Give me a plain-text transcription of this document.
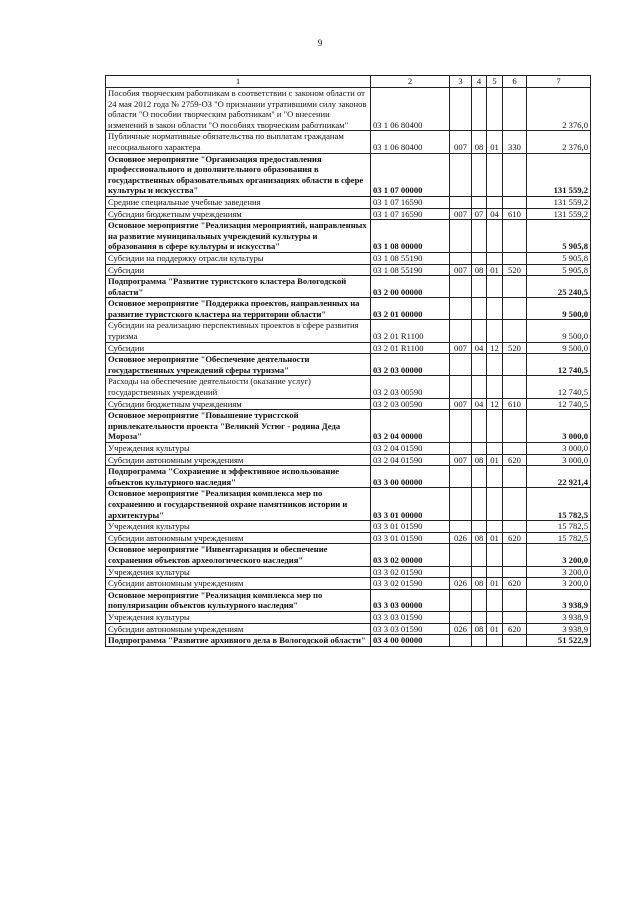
9
1	2	3	4	5	6	7
Пособия творческим работникам в соответствии с законом области от 24 мая 2012 года № 2759-ОЗ "О признании утратившими силу законов области "О пособии творческим работникам" и "О внесении изменений в закон области "О пособиях творческим работникам"	03 1 06 80400					2 376,0
Публичные нормативные обязательства по выплатам гражданам несоциального характера	03 1 06 80400	007	08	01	330	2 376,0
Основное мероприятие "Организация предоставления профессионального и дополнительного образования в государственных образовательных организациях области в сфере культуры и искусства"	03 1 07 00000					131 559,2
Средние специальные учебные заведения	03 1 07 16590					131 559,2
Субсидии бюджетным учреждениям	03 1 07 16590	007	07	04	610	131 559,2
Основное мероприятие "Реализация мероприятий, направленных на развитие муниципальных учреждений культуры и образования в сфере культуры и искусства"	03 1 08 00000					5 905,8
Субсидии на поддержку отрасли культуры	03 1 08 55190					5 905,8
Субсидии	03 1 08 55190	007	08	01	520	5 905,8
Подпрограмма "Развитие туристского кластера Вологодской области"	03 2 00 00000					25 240,5
Основное мероприятие "Поддержка проектов, направленных на развитие туристского кластера на территории области"	03 2 01 00000					9 500,0
Субсидии на реализацию перспективных проектов в сфере развития туризма	03 2 01 R1100					9 500,0
Субсидии	03 2 01 R1100	007	04	12	520	9 500,0
Основное мероприятие "Обеспечение деятельности государственных учреждений сферы туризма"	03 2 03 00000					12 740,5
Расходы на обеспечение деятельности (оказание услуг) государственных учреждений	03 2 03 00590					12 740,5
Субсидии бюджетным учреждениям	03 2 03 00590	007	04	12	610	12 740,5
Основное мероприятие "Повышение туристской привлекательности проекта "Великий Устюг - родина Деда Мороза"	03 2 04 00000					3 000,0
Учреждения культуры	03 2 04 01590					3 000,0
Субсидии автономным учреждениям	03 2 04 01590	007	08	01	620	3 000,0
Подпрограмма "Сохранение и эффективное использование объектов культурного наследия"	03 3 00 00000					22 921,4
Основное мероприятие "Реализация комплекса мер по сохранению и государственной охране памятников истории и архитектуры"	03 3 01 00000					15 782,5
Учреждения культуры	03 3 01 01590					15 782,5
Субсидии автономным учреждениям	03 3 01 01590	026	08	01	620	15 782,5
Основное мероприятие "Инвентаризация и обеспечение сохранения объектов археологического наследия"	03 3 02 00000					3 200,0
Учреждения культуры	03 3 02 01590					3 200,0
Субсидии автономным учреждениям	03 3 02 01590	026	08	01	620	3 200,0
Основное мероприятие "Реализация комплекса мер по популяризации объектов культурного наследия"	03 3 03 00000					3 938,9
Учреждения культуры	03 3 03 01590					3 938,9
Субсидии автономным учреждениям	03 3 03 01590	026	08	01	620	3 938,9
Подпрограмма "Развитие архивного дела в Вологодской области"	03 4 00 00000					51 522,9
